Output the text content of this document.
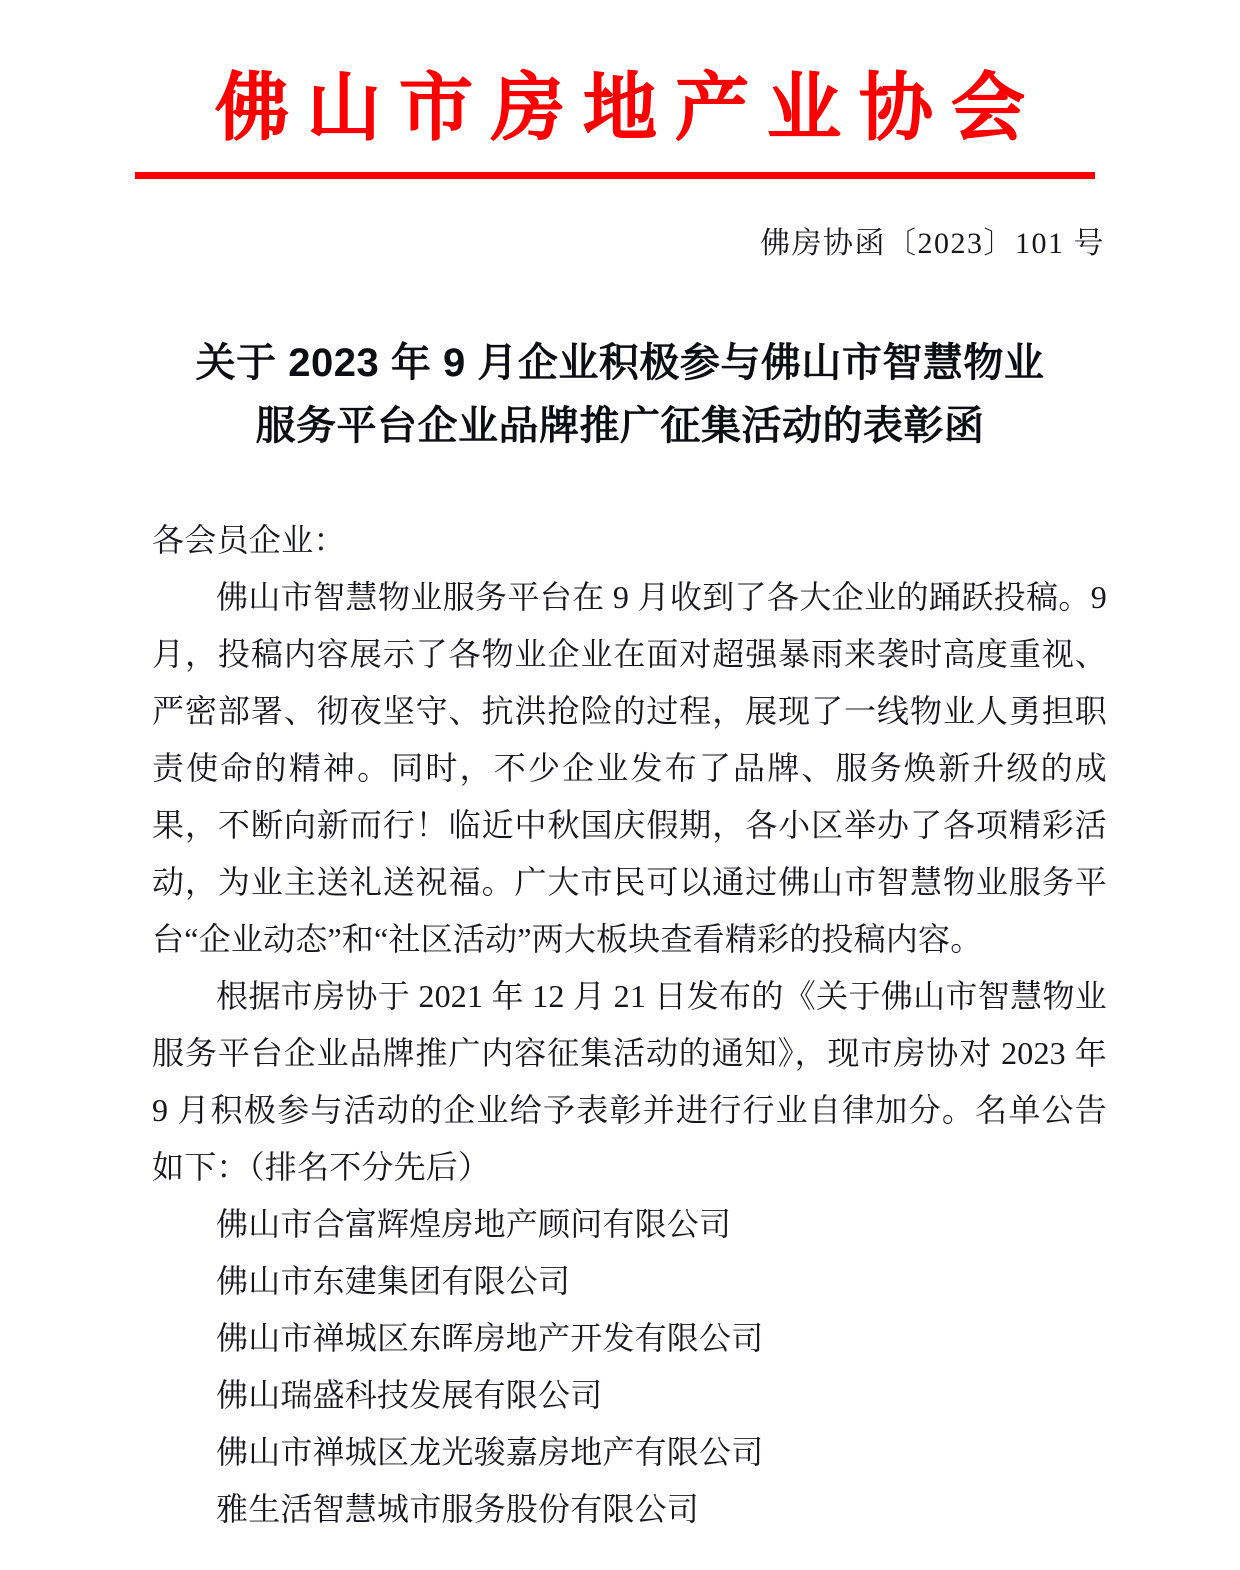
佛山市房地产业协会
佛房协函〔2023〕101 号
关于 2023 年 9 月企业积极参与佛山市智慧物业
服务平台企业品牌推广征集活动的表彰函

各会员企业：

佛山市智慧物业服务平台在 9 月收到了各大企业的踊跃投稿。9 月，投稿内容展示了各物业企业在面对超强暴雨来袭时高度重视、严密部署、彻夜坚守、抗洪抢险的过程，展现了一线物业人勇担职责使命的精神。同时，不少企业发布了品牌、服务焕新升级的成果，不断向新而行！临近中秋国庆假期，各小区举办了各项精彩活动，为业主送礼送祝福。广大市民可以通过佛山市智慧物业服务平台“企业动态”和“社区活动”两大板块查看精彩的投稿内容。

根据市房协于 2021 年 12 月 21 日发布的《关于佛山市智慧物业服务平台企业品牌推广内容征集活动的通知》，现市房协对 2023 年 9 月积极参与活动的企业给予表彰并进行行业自律加分。名单公告如下：（排名不分先后）

佛山市合富辉煌房地产顾问有限公司
佛山市东建集团有限公司
佛山市禅城区东晖房地产开发有限公司
佛山瑞盛科技发展有限公司
佛山市禅城区龙光骏嘉房地产有限公司
雅生活智慧城市服务股份有限公司
